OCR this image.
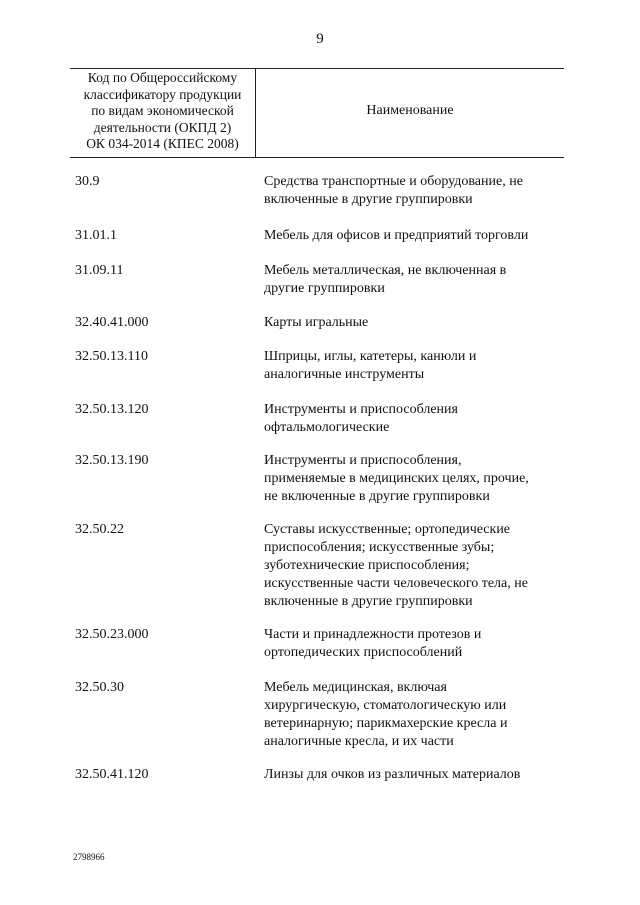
9
Код по Общероссийскому
классификатору продукции
по видам экономической
деятельности (ОКПД 2)
ОК 034-2014 (КПЕС 2008)
Наименование
30.9	Средства транспортные и оборудование, не
включенные в другие группировки
31.01.1	Мебель для офисов и предприятий торговли
31.09.11	Мебель металлическая, не включенная в
другие группировки
32.40.41.000	Карты игральные
32.50.13.110	Шприцы, иглы, катетеры, канюли и
аналогичные инструменты
32.50.13.120	Инструменты и приспособления
офтальмологические
32.50.13.190	Инструменты и приспособления,
применяемые в медицинских целях, прочие,
не включенные в другие группировки
32.50.22	Суставы искусственные; ортопедические
приспособления; искусственные зубы;
зуботехнические приспособления;
искусственные части человеческого тела, не
включенные в другие группировки
32.50.23.000	Части и принадлежности протезов и
ортопедических приспособлений
32.50.30	Мебель медицинская, включая
хирургическую, стоматологическую или
ветеринарную; парикмахерские кресла и
аналогичные кресла, и их части
32.50.41.120	Линзы для очков из различных материалов
2798966
